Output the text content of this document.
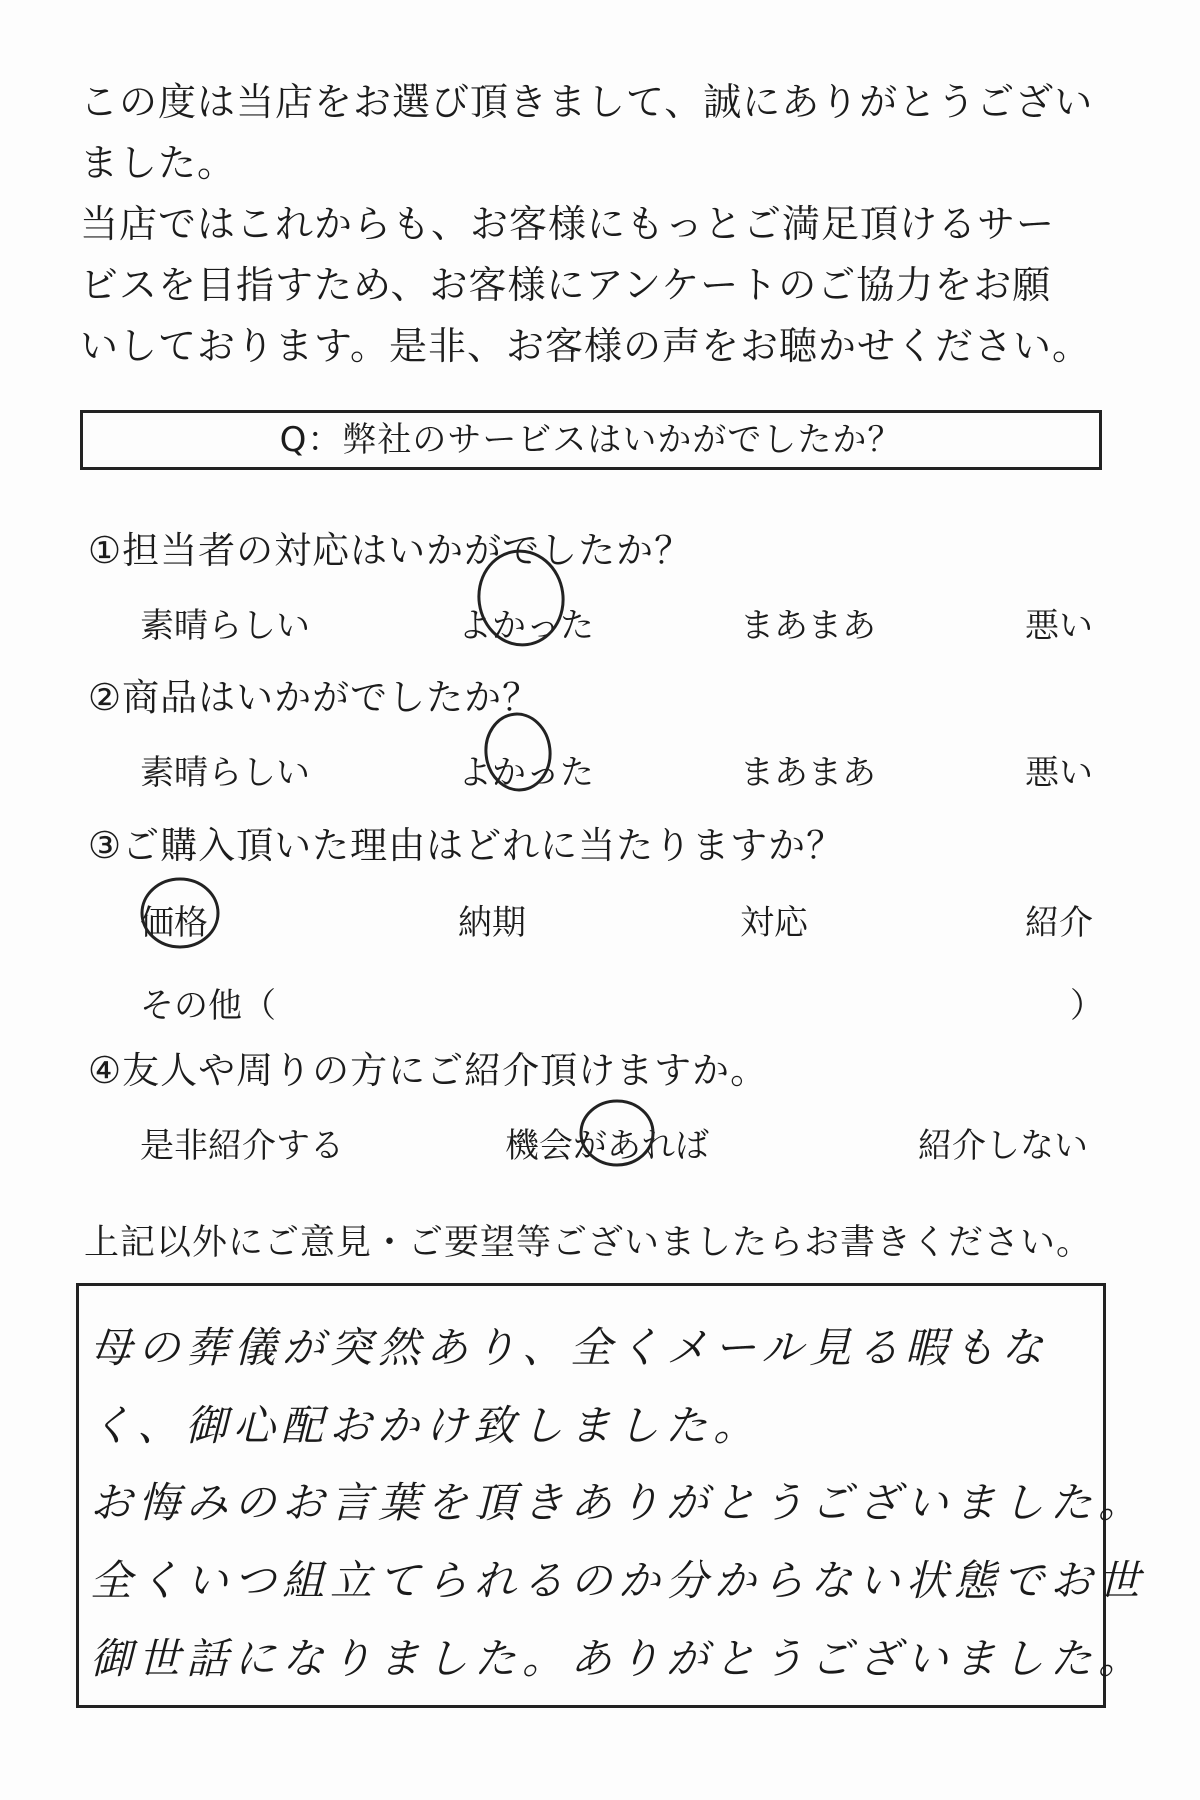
この度は当店をお選び頂きまして、誠にありがとうござい

ました。

当店ではこれからも、お客様にもっとご満足頂けるサー

ビスを目指すため、お客様にアンケートのご協力をお願

いしております。是非、お客様の声をお聴かせください。

Q：弊社のサービスはいかがでしたか？
①担当者の対応はいかがでしたか？
素晴らしい	よかった	まあまあ	悪い
②商品はいかがでしたか？
素晴らしい	よかった	まあまあ	悪い
③ご購入頂いた理由はどれに当たりますか？
価格	納期	対応	紹介
その他（	）
④友人や周りの方にご紹介頂けますか。
是非紹介する	機会があれば	紹介しない
上記以外にご意見・ご要望等ございましたらお書きください。
母の葬儀が突然あり、全くメール見る暇もな
く、御心配おかけ致しました。
お悔みのお言葉を頂きありがとうございました。
全くいつ組立てられるのか分からない状態でお世
御世話になりました。ありがとうございました。
